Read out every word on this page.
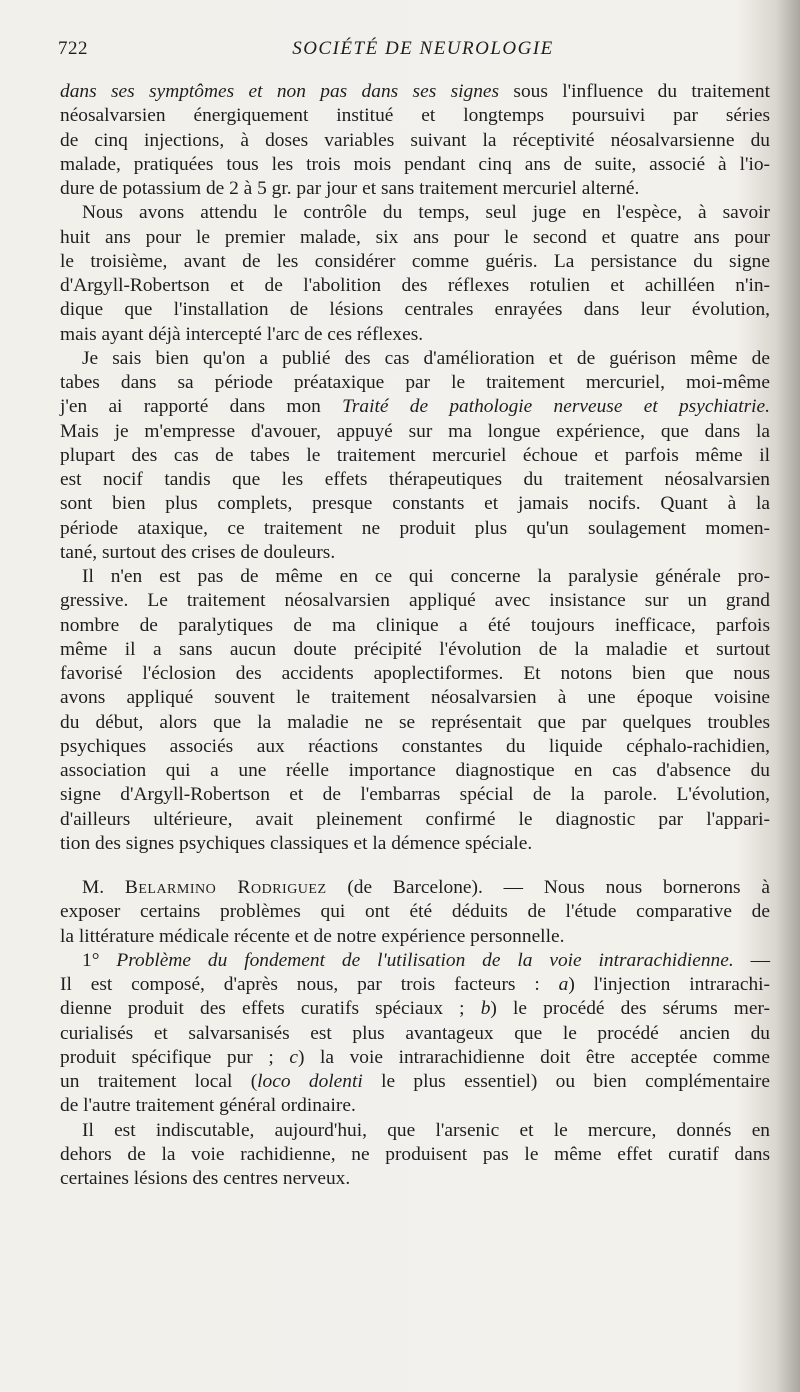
722	SOCIÉTÉ DE NEUROLOGIE
dans ses symptômes et non pas dans ses signes sous l'influence du traitement
néosalvarsien énergiquement institué et longtemps poursuivi par séries
de cinq injections, à doses variables suivant la réceptivité néosalvarsienne du
malade, pratiquées tous les trois mois pendant cinq ans de suite, associé à l'io-
dure de potassium de 2 à 5 gr. par jour et sans traitement mercuriel alterné.
Nous avons attendu le contrôle du temps, seul juge en l'espèce, à savoir
huit ans pour le premier malade, six ans pour le second et quatre ans pour
le troisième, avant de les considérer comme guéris. La persistance du signe
d'Argyll-Robertson et de l'abolition des réflexes rotulien et achilléen n'in-
dique que l'installation de lésions centrales enrayées dans leur évolution,
mais ayant déjà intercepté l'arc de ces réflexes.
Je sais bien qu'on a publié des cas d'amélioration et de guérison même de
tabes dans sa période préataxique par le traitement mercuriel, moi-même
j'en ai rapporté dans mon Traité de pathologie nerveuse et psychiatrie.
Mais je m'empresse d'avouer, appuyé sur ma longue expérience, que dans la
plupart des cas de tabes le traitement mercuriel échoue et parfois même il
est nocif tandis que les effets thérapeutiques du traitement néosalvarsien
sont bien plus complets, presque constants et jamais nocifs. Quant à la
période ataxique, ce traitement ne produit plus qu'un soulagement momen-
tané, surtout des crises de douleurs.
Il n'en est pas de même en ce qui concerne la paralysie générale pro-
gressive. Le traitement néosalvarsien appliqué avec insistance sur un grand
nombre de paralytiques de ma clinique a été toujours inefficace, parfois
même il a sans aucun doute précipité l'évolution de la maladie et surtout
favorisé l'éclosion des accidents apoplectiformes. Et notons bien que nous
avons appliqué souvent le traitement néosalvarsien à une époque voisine
du début, alors que la maladie ne se représentait que par quelques troubles
psychiques associés aux réactions constantes du liquide céphalo-rachidien,
association qui a une réelle importance diagnostique en cas d'absence du
signe d'Argyll-Robertson et de l'embarras spécial de la parole. L'évolution,
d'ailleurs ultérieure, avait pleinement confirmé le diagnostic par l'appari-
tion des signes psychiques classiques et la démence spéciale.
M. Belarmino Rodriguez (de Barcelone). — Nous nous bornerons à
exposer certains problèmes qui ont été déduits de l'étude comparative de
la littérature médicale récente et de notre expérience personnelle.
1° Problème du fondement de l'utilisation de la voie intrarachidienne. —
Il est composé, d'après nous, par trois facteurs : a) l'injection intrarachi-
dienne produit des effets curatifs spéciaux ; b) le procédé des sérums mer-
curialisés et salvarsanisés est plus avantageux que le procédé ancien du
produit spécifique pur ; c) la voie intrarachidienne doit être acceptée comme
un traitement local (loco dolenti le plus essentiel) ou bien complémentaire
de l'autre traitement général ordinaire.
Il est indiscutable, aujourd'hui, que l'arsenic et le mercure, donnés en
dehors de la voie rachidienne, ne produisent pas le même effet curatif dans
certaines lésions des centres nerveux.
